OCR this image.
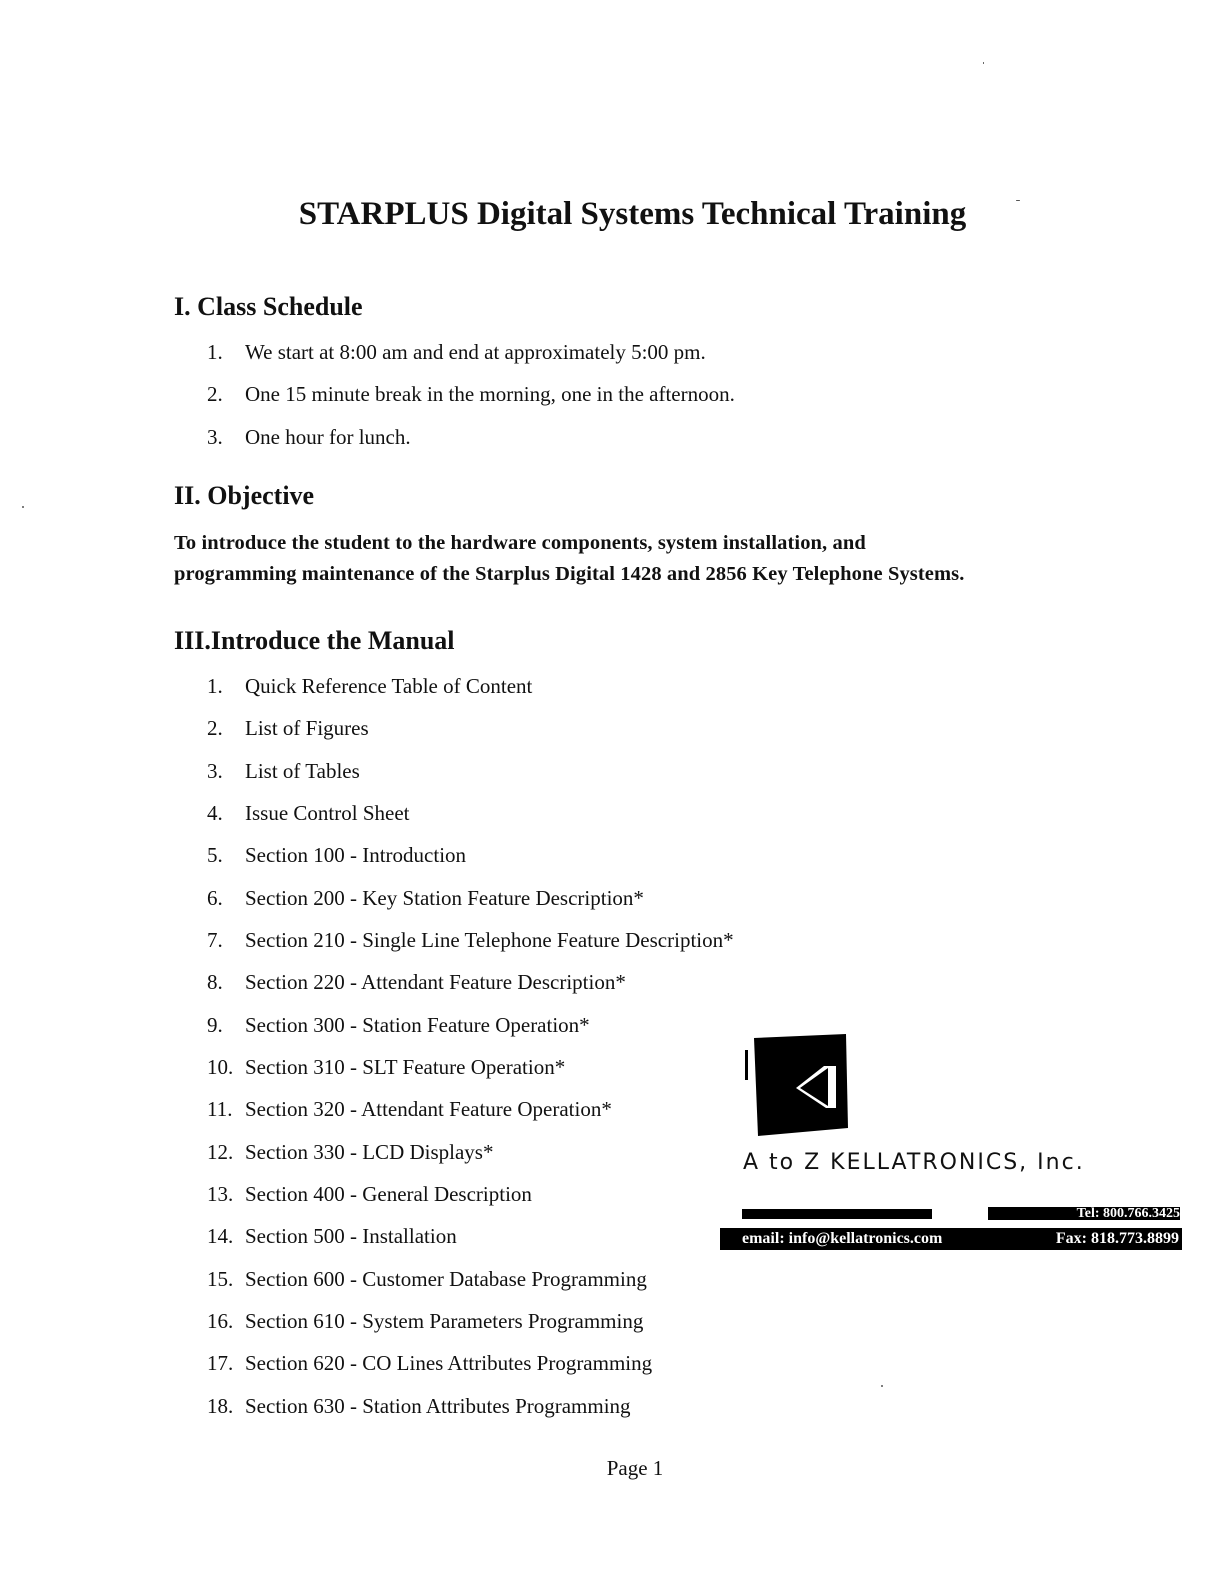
STARPLUS Digital Systems Technical Training
I. Class Schedule
1. We start at 8:00 am and end at approximately 5:00 pm.
2. One 15 minute break in the morning, one in the afternoon.
3. One hour for lunch.
II. Objective
To introduce the student to the hardware components, system installation, and
programming maintenance of the Starplus Digital 1428 and 2856 Key Telephone Systems.
III.Introduce the Manual
1. Quick Reference Table of Content
2. List of Figures
3. List of Tables
4. Issue Control Sheet
5. Section 100 - Introduction
6. Section 200 - Key Station Feature Description*
7. Section 210 - Single Line Telephone Feature Description*
8. Section 220 - Attendant Feature Description*
9. Section 300 - Station Feature Operation*
10. Section 310 - SLT Feature Operation*
11. Section 320 - Attendant Feature Operation*
12. Section 330 - LCD Displays*
13. Section 400 - General Description
14. Section 500 - Installation
15. Section 600 - Customer Database Programming
16. Section 610 - System Parameters Programming
17. Section 620 - CO Lines Attributes Programming
18. Section 630 - Station Attributes Programming
A to Z KELLATRONICS, Inc.
Tel: 800.766.3425
email: info@kellatronics.com	Fax: 818.773.8899
Page 1
